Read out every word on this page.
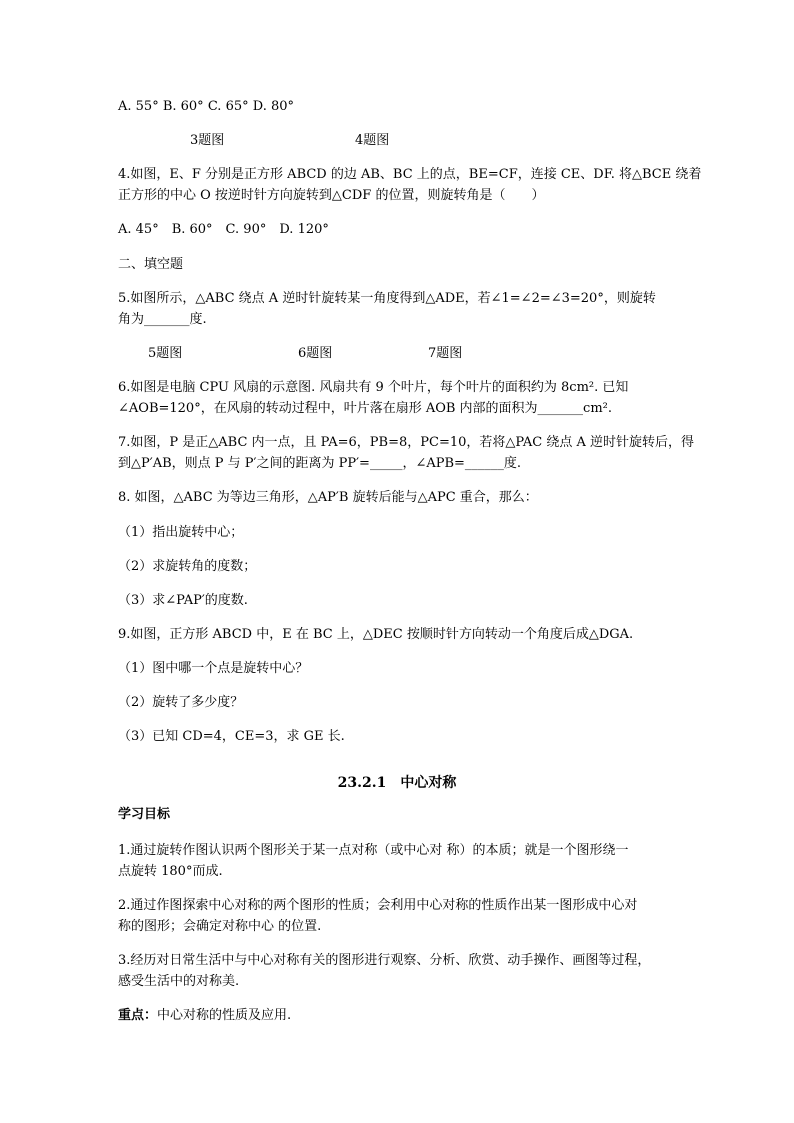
A. 55° B. 60° C. 65° D. 80°
3题图	4题图
4.如图，E、F 分别是正方形 ABCD 的边 AB、BC 上的点，BE=CF，连接 CE、DF. 将△BCE 绕着
正方形的中心 O 按逆时针方向旋转到△CDF 的位置，则旋转角是（　　）
A. 45°　B. 60°　C. 90°　D. 120°
二、填空题
5.如图所示，△ABC 绕点 A 逆时针旋转某一角度得到△ADE，若∠1=∠2=∠3=20°，则旋转
角为_______度.
5题图	6题图	7题图
6.如图是电脑 CPU 风扇的示意图. 风扇共有 9 个叶片，每个叶片的面积约为 8cm². 已知
∠AOB=120°，在风扇的转动过程中，叶片落在扇形 AOB 内部的面积为_______cm².
7.如图，P 是正△ABC 内一点，且 PA=6，PB=8，PC=10，若将△PAC 绕点 A 逆时针旋转后，得
到△P′AB，则点 P 与 P′之间的距离为 PP′=_____，∠APB=______度.
8. 如图，△ABC 为等边三角形，△AP′B 旋转后能与△APC 重合，那么：
（1）指出旋转中心；
（2）求旋转角的度数；
（3）求∠PAP′的度数.
9.如图，正方形 ABCD 中，E 在 BC 上，△DEC 按顺时针方向转动一个角度后成△DGA.
（1）图中哪一个点是旋转中心？
（2）旋转了多少度？
（3）已知 CD=4，CE=3，求 GE 长.
23.2.1　中心对称
学习目标
1.通过旋转作图认识两个图形关于某一点对称（或中心对 称）的本质；就是一个图形绕一
点旋转 180°而成.
2.通过作图探索中心对称的两个图形的性质；会利用中心对称的性质作出某一图形成中心对
称的图形；会确定对称中心 的位置.
3.经历对日常生活中与中心对称有关的图形进行观察、分析、欣赏、动手操作、画图等过程，
感受生活中的对称美.
重点：中心对称的性质及应用.
